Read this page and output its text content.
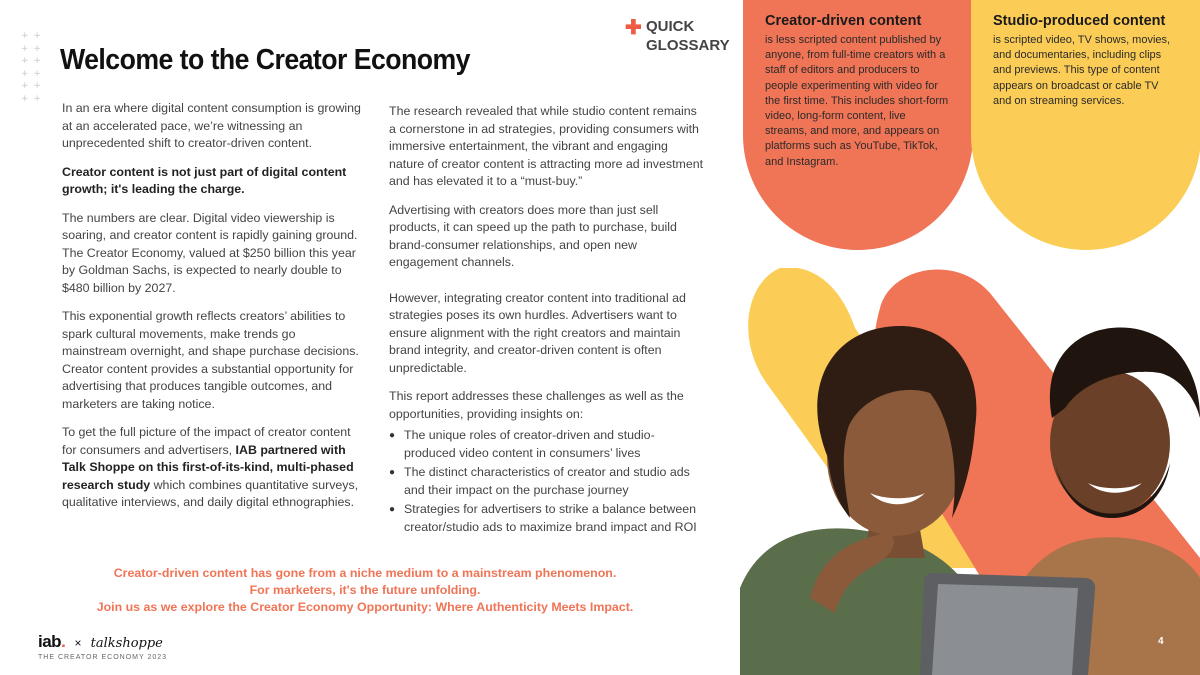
+ +
+ +
+ +
+ +
+ +
+ +
Welcome to the Creator Economy

In an era where digital content consumption is growing at an accelerated pace, we’re witnessing an unprecedented shift to creator-driven content.

Creator content is not just part of digital content growth; it's leading the charge.

The numbers are clear. Digital video viewership is soaring, and creator content is rapidly gaining ground. The Creator Economy, valued at $250 billion this year by Goldman Sachs, is expected to nearly double to $480 billion by 2027.

This exponential growth reflects creators’ abilities to spark cultural movements, make trends go mainstream overnight, and shape purchase decisions. Creator content provides a substantial opportunity for advertising that produces tangible outcomes, and marketers are taking notice.

To get the full picture of the impact of creator content for consumers and advertisers, IAB partnered with Talk Shoppe on this first-of-its-kind, multi-phased research study which combines quantitative surveys, qualitative interviews, and daily digital ethnographies.

The research revealed that while studio content remains a cornerstone in ad strategies, providing consumers with immersive entertainment, the vibrant and engaging nature of creator content is attracting more ad investment and has elevated it to a “must-buy.”

Advertising with creators does more than just sell products, it can speed up the path to purchase, build brand-consumer relationships, and open new engagement channels.

However, integrating creator content into traditional ad strategies poses its own hurdles. Advertisers want to ensure alignment with the right creators and maintain brand integrity, and creator-driven content is often unpredictable.

This report addresses these challenges as well as the opportunities, providing insights on:

● The unique roles of creator-driven and studio-produced video content in consumers’ lives
● The distinct characteristics of creator and studio ads and their impact on the purchase journey
● Strategies for advertisers to strike a balance between creator/studio ads to maximize brand impact and ROI
Creator-driven content has gone from a niche medium to a mainstream phenomenon.
For marketers, it's the future unfolding.
Join us as we explore the Creator Economy Opportunity: Where Authenticity Meets Impact.
✚ QUICK GLOSSARY
Creator-driven content
is less scripted content published by anyone, from full-time creators with a staff of editors and producers to people experimenting with video for the first time. This includes short-form video, long-form content, live streams, and more, and appears on platforms such as YouTube, TikTok, and Instagram.
Studio-produced content
is scripted video, TV shows, movies, and documentaries, including clips and previews. This type of content appears on broadcast or cable TV and on streaming services.
iab. × talkshoppe
THE CREATOR ECONOMY 2023
4
